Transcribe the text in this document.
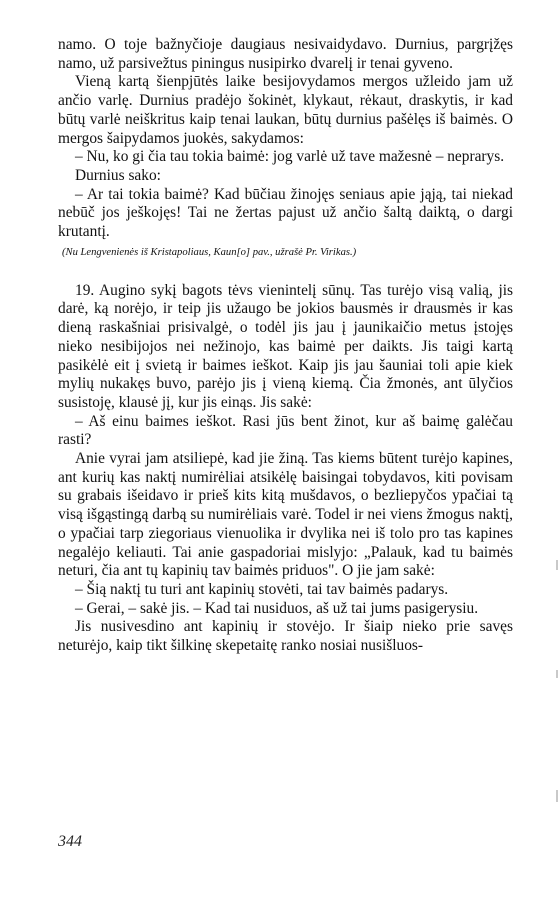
namo. O toje bažnyčioje daugiaus nesivaidydavo. Durnius, pargrįžęs namo, už parsivežtus piningus nusipirko dvarelį ir tenai gyveno.

Vieną kartą šienpjūtės laike besijovydamos mergos užleido jam už ančio varlę. Durnius pradėjo šokinėt, klykaut, rėkaut, draskytis, ir kad būtų varlė neiškritus kaip tenai laukan, būtų durnius pašėlęs iš baimės. O mergos šaipydamos juokės, sakydamos:

– Nu, ko gi čia tau tokia baimė: jog varlė už tave mažesnė – neprarys.

Durnius sako:

– Ar tai tokia baimė? Kad būčiau žinojęs seniaus apie jąją, tai niekad nebūč jos ješkojęs! Tai ne žertas pajust už ančio šaltą daiktą, o dargi krutantį.

(Nu Lengvenienės iš Kristapoliaus, Kaun[o] pav., užrašė Pr. Virikas.)

19. Augino sykį bagots tėvs vienintelį sūnų. Tas turėjo visą valią, jis darė, ką norėjo, ir teip jis užaugo be jokios bausmės ir drausmės ir kas dieną raskašniai prisivalgė, o todėl jis jau į jaunikaičio metus įstojęs nieko nesibijojos nei nežinojo, kas baimė per daikts. Jis taigi kartą pasikėlė eit į svietą ir baimes ieškot. Kaip jis jau šauniai toli apie kiek mylių nukakęs buvo, parėjo jis į vieną kiemą. Čia žmonės, ant ūlyčios susistoję, klausė jį, kur jis einąs. Jis sakė:

– Aš einu baimes ieškot. Rasi jūs bent žinot, kur aš baimę galėčau rasti?

Anie vyrai jam atsiliepė, kad jie žiną. Tas kiems būtent turėjo kapines, ant kurių kas naktį numirėliai atsikėlę baisingai tobydavos, kiti povisam su grabais išeidavo ir prieš kits kitą mušdavos, o bezliepyčos ypačiai tą visą išgąstingą darbą su numirėliais varė. Todel ir nei viens žmogus naktį, o ypačiai tarp ziegoriaus vienuolika ir dvylika nei iš tolo pro tas kapines negalėjo keliauti. Tai anie gaspadoriai mislyjo: „Palauk, kad tu baimės neturi, čia ant tų kapinių tav baimės priduos". O jie jam sakė:

– Šią naktį tu turi ant kapinių stovėti, tai tav baimės padarys.

– Gerai, – sakė jis. – Kad tai nusiduos, aš už tai jums pasigerysiu.

Jis nusivesdino ant kapinių ir stovėjo. Ir šiaip nieko prie savęs neturėjo, kaip tikt šilkinę skepetaitę ranko nosiai nusišluos-

344
